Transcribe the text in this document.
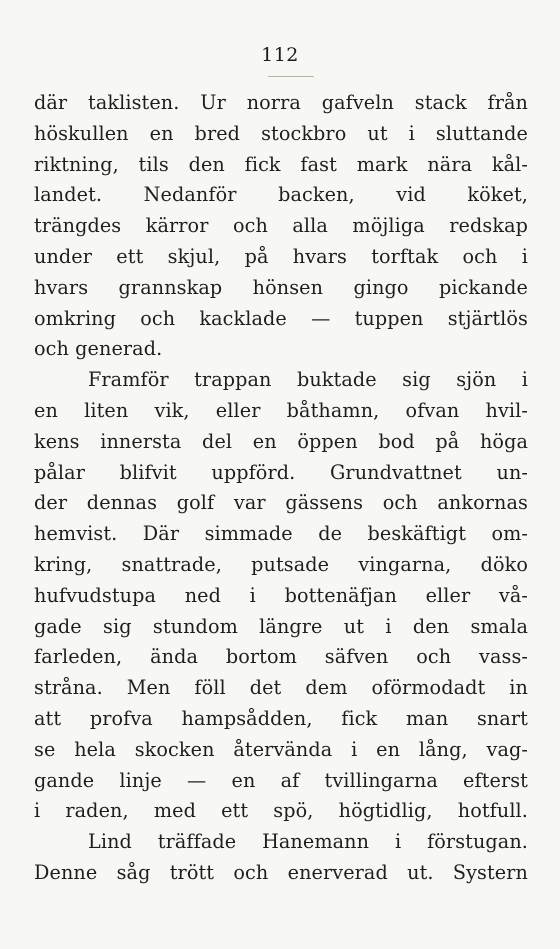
112
där taklisten. Ur norra gafveln stack från
höskullen en bred stockbro ut i sluttande
riktning, tils den fick fast mark nära kål-
landet. Nedanför backen, vid köket,
trängdes kärror och alla möjliga redskap
under ett skjul, på hvars torftak och i
hvars grannskap hönsen gingo pickande
omkring och kacklade — tuppen stjärtlös
och generad.
Framför trappan buktade sig sjön i
en liten vik, eller båthamn, ofvan hvil-
kens innersta del en öppen bod på höga
pålar blifvit uppförd. Grundvattnet un-
der dennas golf var gässens och ankornas
hemvist. Där simmade de beskäftigt om-
kring, snattrade, putsade vingarna, döko
hufvudstupa ned i bottenäfjan eller vå-
gade sig stundom längre ut i den smala
farleden, ända bortom säfven och vass-
stråna. Men föll det dem oförmodadt in
att profva hampsådden, fick man snart
se hela skocken återvända i en lång, vag-
gande linje — en af tvillingarna efterst
i raden, med ett spö, högtidlig, hotfull.
Lind träffade Hanemann i förstugan.
Denne såg trött och enerverad ut. Systern
